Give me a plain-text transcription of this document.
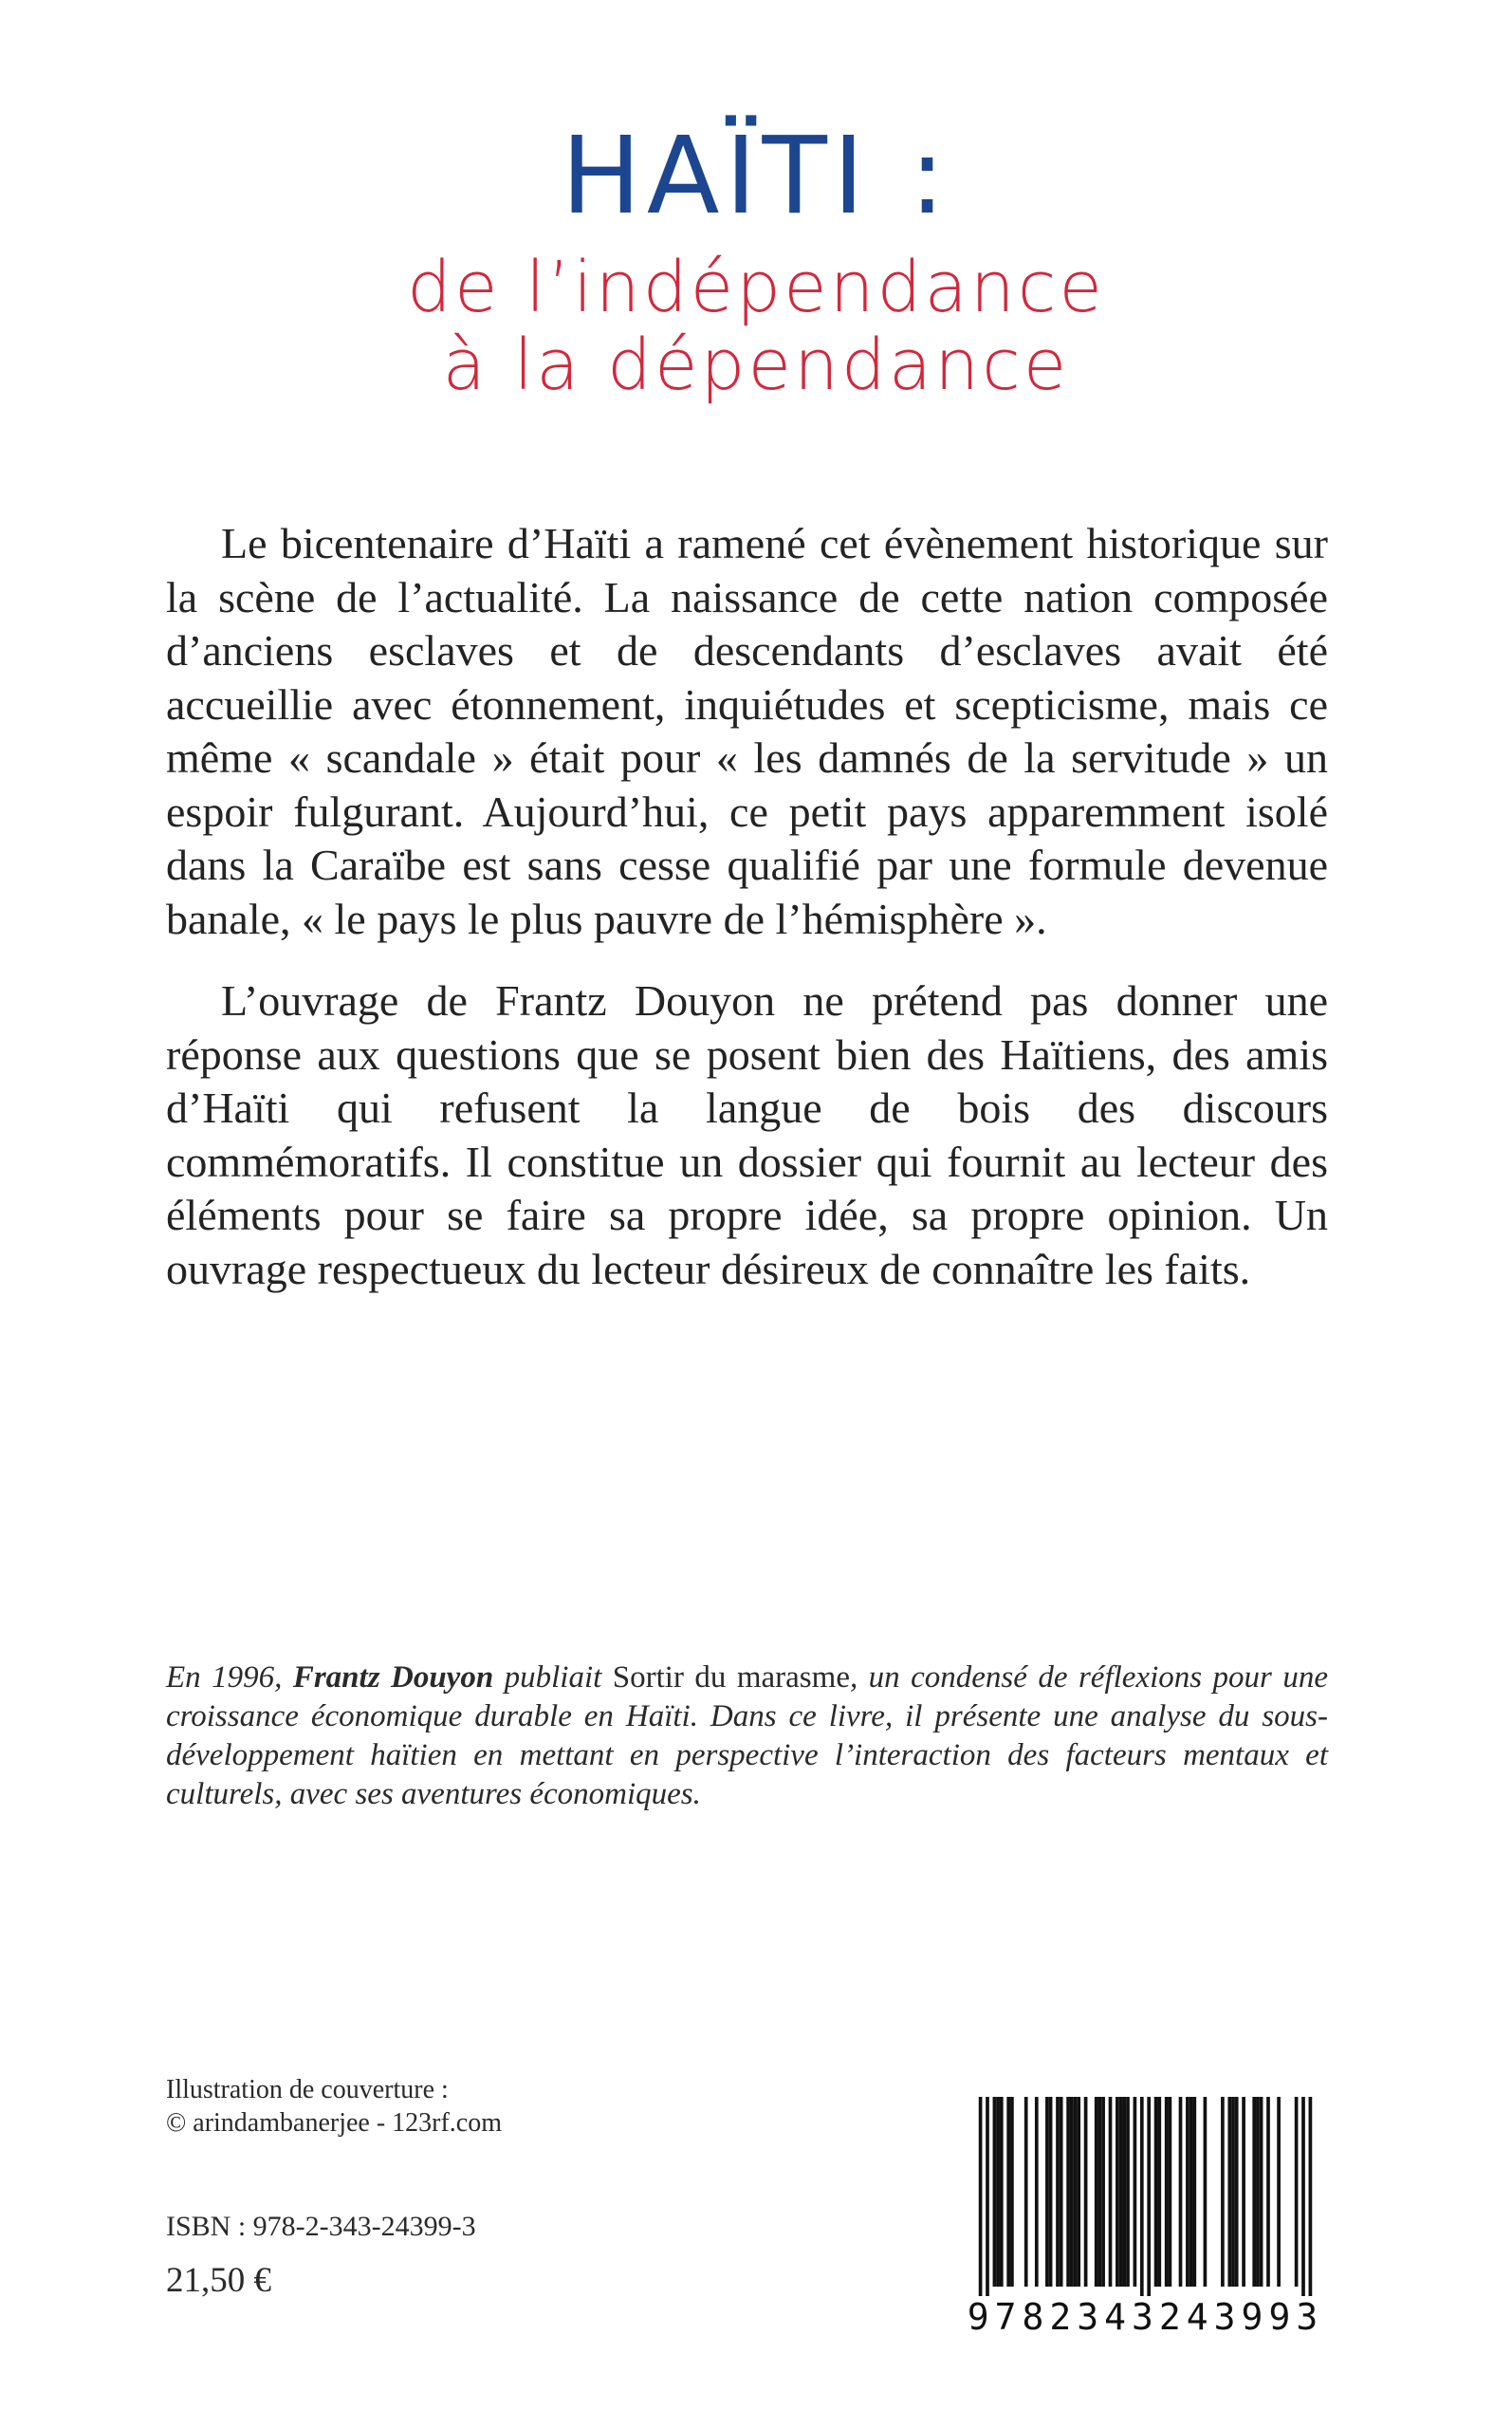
HAÏTI :
de l’indépendance
à la dépendance

Le bicentenaire d’Haïti a ramené cet évènement historique sur la scène de l’actualité. La naissance de cette nation composée d’anciens esclaves et de descendants d’esclaves avait été accueillie avec étonnement, inquiétudes et scepticisme, mais ce même « scandale » était pour « les damnés de la servitude » un espoir fulgurant. Aujourd’hui, ce petit pays apparemment isolé dans la Caraïbe est sans cesse qualifié par une formule devenue banale, « le pays le plus pauvre de l’hémisphère ».

L’ouvrage de Frantz Douyon ne prétend pas donner une réponse aux questions que se posent bien des Haïtiens, des amis d’Haïti qui refusent la langue de bois des discours commémoratifs. Il constitue un dossier qui fournit au lecteur des éléments pour se faire sa propre idée, sa propre opinion. Un ouvrage respectueux du lecteur désireux de connaître les faits.

En 1996, Frantz Douyon publiait Sortir du marasme, un condensé de réflexions pour une croissance économique durable en Haïti. Dans ce livre, il présente une analyse du sous-développement haïtien en mettant en perspective l’interaction des facteurs mentaux et culturels, avec ses aventures économiques.
Illustration de couverture :
© arindambanerjee - 123rf.com
ISBN : 978-2-343-24399-3
21,50 €
9782343243993
